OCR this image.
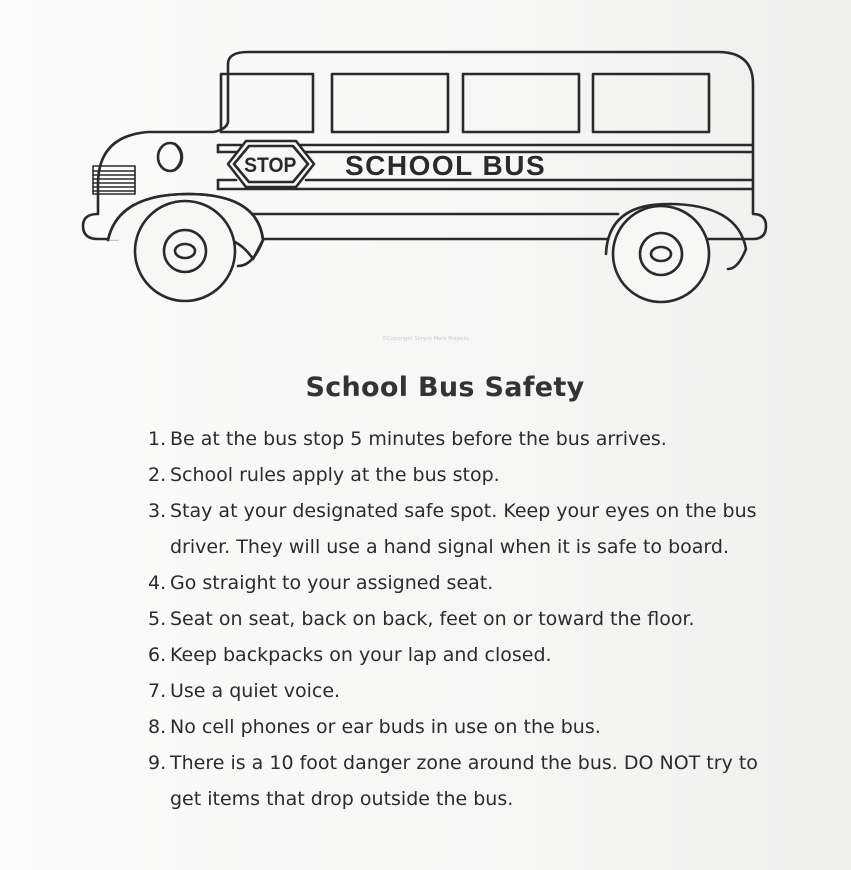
STOP SCHOOL BUS
©Copyright Simple More Projects
School Bus Safety
1. Be at the bus stop 5 minutes before the bus arrives.
2. School rules apply at the bus stop.
3. Stay at your designated safe spot. Keep your eyes on the bus driver. They will use a hand signal when it is safe to board.
4. Go straight to your assigned seat.
5. Seat on seat, back on back, feet on or toward the floor.
6. Keep backpacks on your lap and closed.
7. Use a quiet voice.
8. No cell phones or ear buds in use on the bus.
9. There is a 10 foot danger zone around the bus. DO NOT try to get items that drop outside the bus.
